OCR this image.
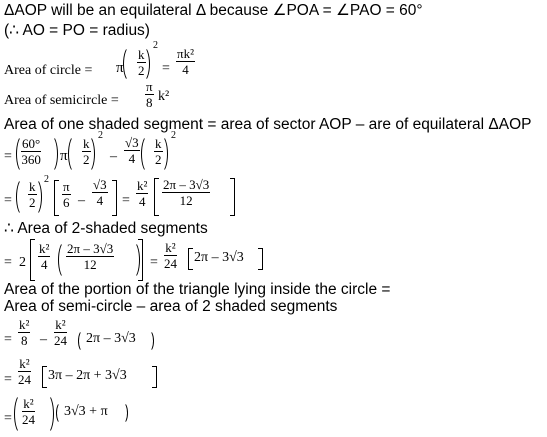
ΔAOP will be an equilateral Δ because ∠POA = ∠PAO = 60°
(∴ AO = PO = radius)
Area of circle = π $\frac{k}{2}$
2
= $\frac{\text{πk²}}{4}$
Area of semicircle = $\frac{\pi}{8} k^2$
Area of one shaded segment = area of sector AOP – are of equilateral ΔAOP
= $\frac{60^\circ}{360}$ π $\frac{k}{2}$
2
– $\frac{√3}{4} \frac{k}{2}$
2
= $\frac{k}{2}$
2
$\frac{\pi}{6} - \frac{√3}{4} = \frac{\text{k²}}{4} \frac{2\pi - 3√3}{12}$
∴ Area of 2-shaded segments
= $2 \frac{\text{k²}}{4} \frac{2\pi - 3√3}{12}$	= $\frac{\text{k²}}{24} 2\pi - 3√3$
Area of the portion of the triangle lying inside the circle =
Area of semi-circle – area of 2 shaded segments
= $\frac{\text{k²}}{8} - \frac{\text{k²}}{24} 2\pi - 3√3$
= $\frac{\text{k²}}{24} 3\pi - 2\pi + 3√3$
= $\frac{\text{k²}}{24} 3√3 + \pi$
